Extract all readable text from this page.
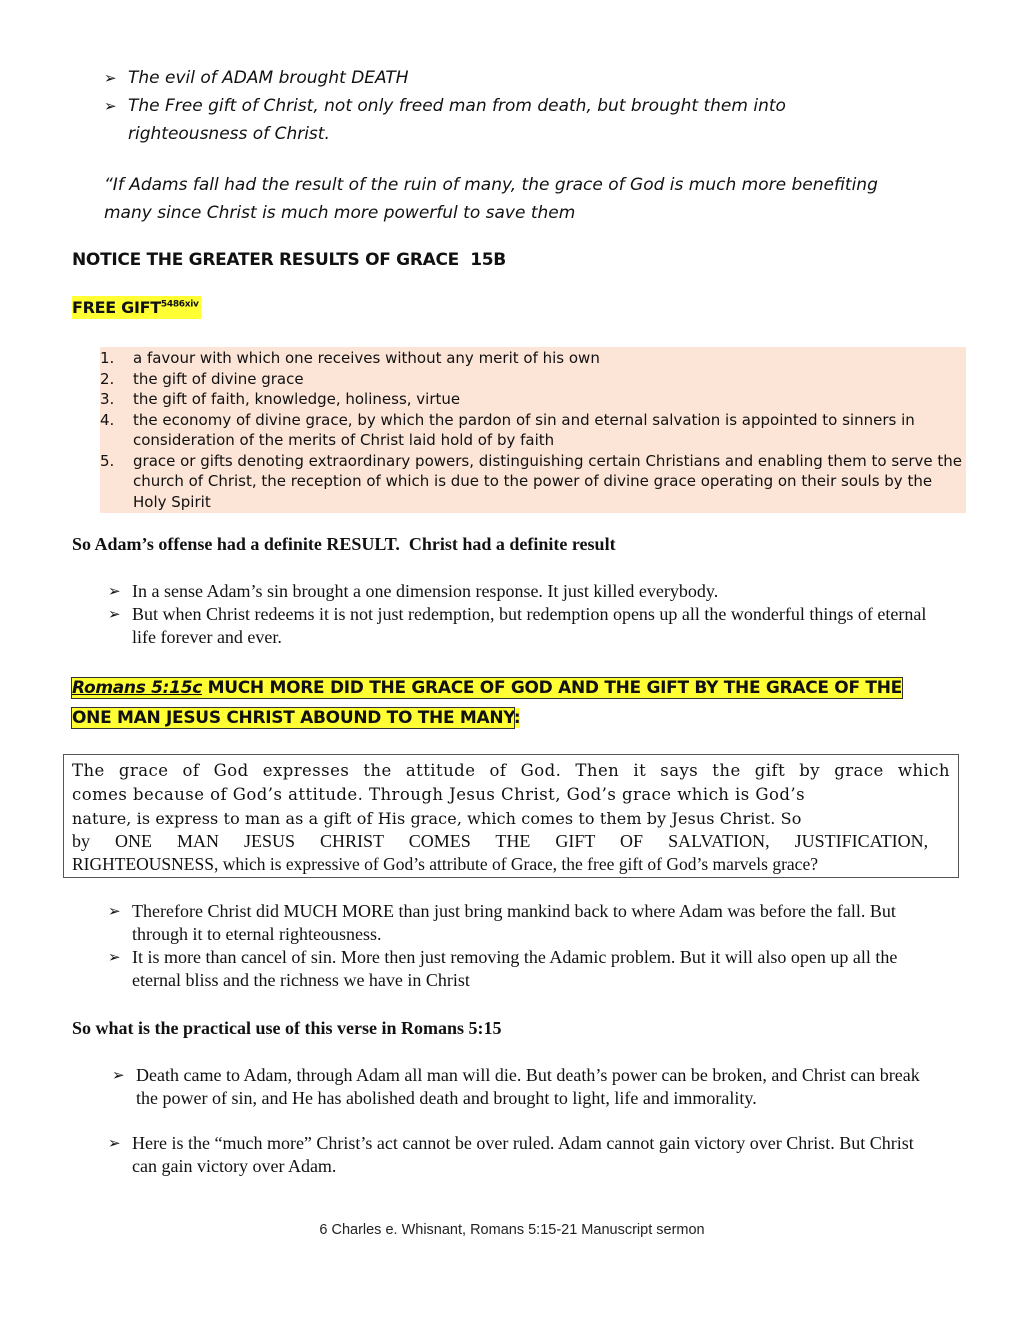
➢ The evil of ADAM brought DEATH
➢ The Free gift of Christ, not only freed man from death, but brought them into righteousness of Christ.
“If Adams fall had the result of the ruin of many, the grace of God is much more benefiting many since Christ is much more powerful to save them
NOTICE THE GREATER RESULTS OF GRACE  15B
FREE $GIFT^{5486xiv}$
1.	a favour with which one receives without any merit of his own
2.	the gift of divine grace
3.	the gift of faith, knowledge, holiness, virtue
4.	the economy of divine grace, by which the pardon of sin and eternal salvation is appointed to sinners in consideration of the merits of Christ laid hold of by faith
5.	grace or gifts denoting extraordinary powers, distinguishing certain Christians and enabling them to serve the church of Christ, the reception of which is due to the power of divine grace operating on their souls by the Holy Spirit
So Adam’s offense had a definite RESULT.  Christ had a definite result
➢ In a sense Adam’s sin brought a one dimension response. It just killed everybody.
➢ But when Christ redeems it is not just redemption, but redemption opens up all the wonderful things of eternal life forever and ever.
Romans 5:15c MUCH MORE DID THE GRACE OF GOD AND THE GIFT BY THE GRACE OF THE ONE MAN JESUS CHRIST ABOUND TO THE MANY:
The grace of God expresses the attitude of God. Then it says the gift by grace which
comes because of God’s attitude. Through Jesus Christ, God’s grace which is God’s
nature, is express to man as a gift of His grace, which comes to them by Jesus Christ. So
by ONE MAN JESUS CHRIST COMES THE GIFT OF SALVATION, JUSTIFICATION,
RIGHTEOUSNESS, which is expressive of God’s attribute of Grace, the free gift of God’s marvels grace?
➢ Therefore Christ did MUCH MORE than just bring mankind back to where Adam was before the fall. But through it to eternal righteousness.
➢ It is more than cancel of sin. More then just removing the Adamic problem. But it will also open up all the eternal bliss and the richness we have in Christ
So what is the practical use of this verse in Romans 5:15
➢ Death came to Adam, through Adam all man will die. But death’s power can be broken, and Christ can break the power of sin, and He has abolished death and brought to light, life and immorality.
➢ Here is the “much more” Christ’s act cannot be over ruled. Adam cannot gain victory over Christ. But Christ can gain victory over Adam.
6 Charles e. Whisnant, Romans 5:15-21 Manuscript sermon
